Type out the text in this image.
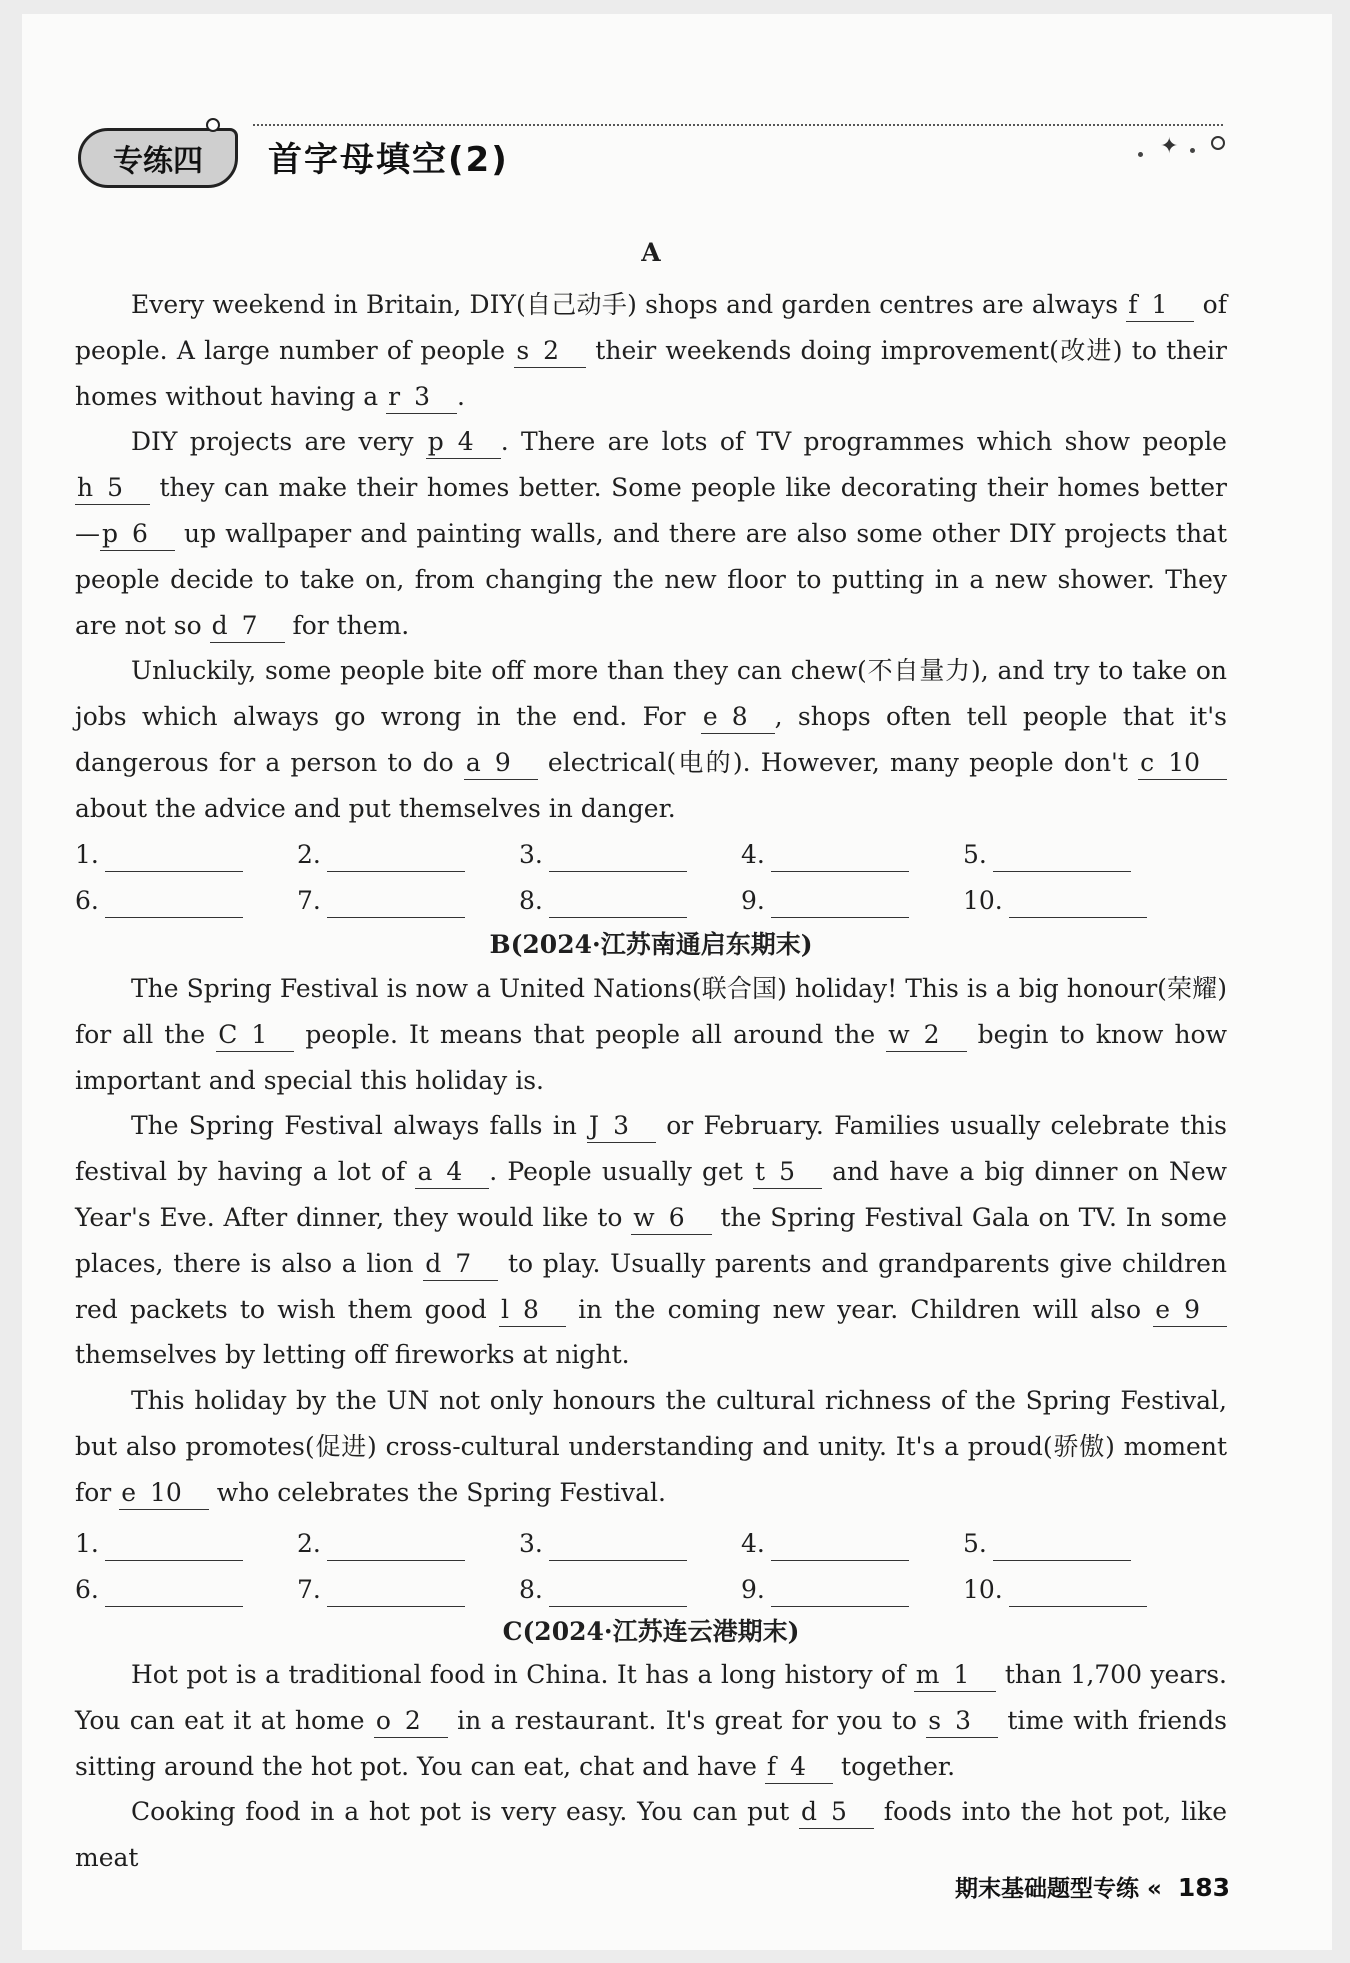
专练四	首字母填空(2)	✦
A

Every weekend in Britain, DIY(自己动手) shops and garden centres are always f 1  of people. A large number of people s 2  their weekends doing improvement(改进) to their homes without having a r 3  .

DIY projects are very p 4  . There are lots of TV programmes which show people h 5  they can make their homes better. Some people like decorating their homes better—p 6  up wallpaper and painting walls, and there are also some other DIY projects that people decide to take on, from changing the new floor to putting in a new shower. They are not so d 7  for them.

Unluckily, some people bite off more than they can chew(不自量力), and try to take on jobs which always go wrong in the end. For e 8  , shops often tell people that it's dangerous for a person to do a 9  electrical(电的). However, many people don't c 10  about the advice and put themselves in danger.

1.	2.	3.	4.	5.
6.	7.	8.	9.	10.
B(2024·江苏南通启东期末)

The Spring Festival is now a United Nations(联合国) holiday! This is a big honour(荣耀) for all the C 1  people. It means that people all around the w 2  begin to know how important and special this holiday is.

The Spring Festival always falls in J 3  or February. Families usually celebrate this festival by having a lot of a 4  . People usually get t 5  and have a big dinner on New Year's Eve. After dinner, they would like to w 6  the Spring Festival Gala on TV. In some places, there is also a lion d 7  to play. Usually parents and grandparents give children red packets to wish them good l 8  in the coming new year. Children will also e 9  themselves by letting off fireworks at night.

This holiday by the UN not only honours the cultural richness of the Spring Festival, but also promotes(促进) cross-cultural understanding and unity. It's a proud(骄傲) moment for e 10  who celebrates the Spring Festival.

1.	2.	3.	4.	5.
6.	7.	8.	9.	10.
C(2024·江苏连云港期末)

Hot pot is a traditional food in China. It has a long history of m 1  than 1,700 years. You can eat it at home o 2  in a restaurant. It's great for you to s 3  time with friends sitting around the hot pot. You can eat, chat and have f 4  together.

Cooking food in a hot pot is very easy. You can put d 5  foods into the hot pot, like meat

期末基础题型专练 « 183
